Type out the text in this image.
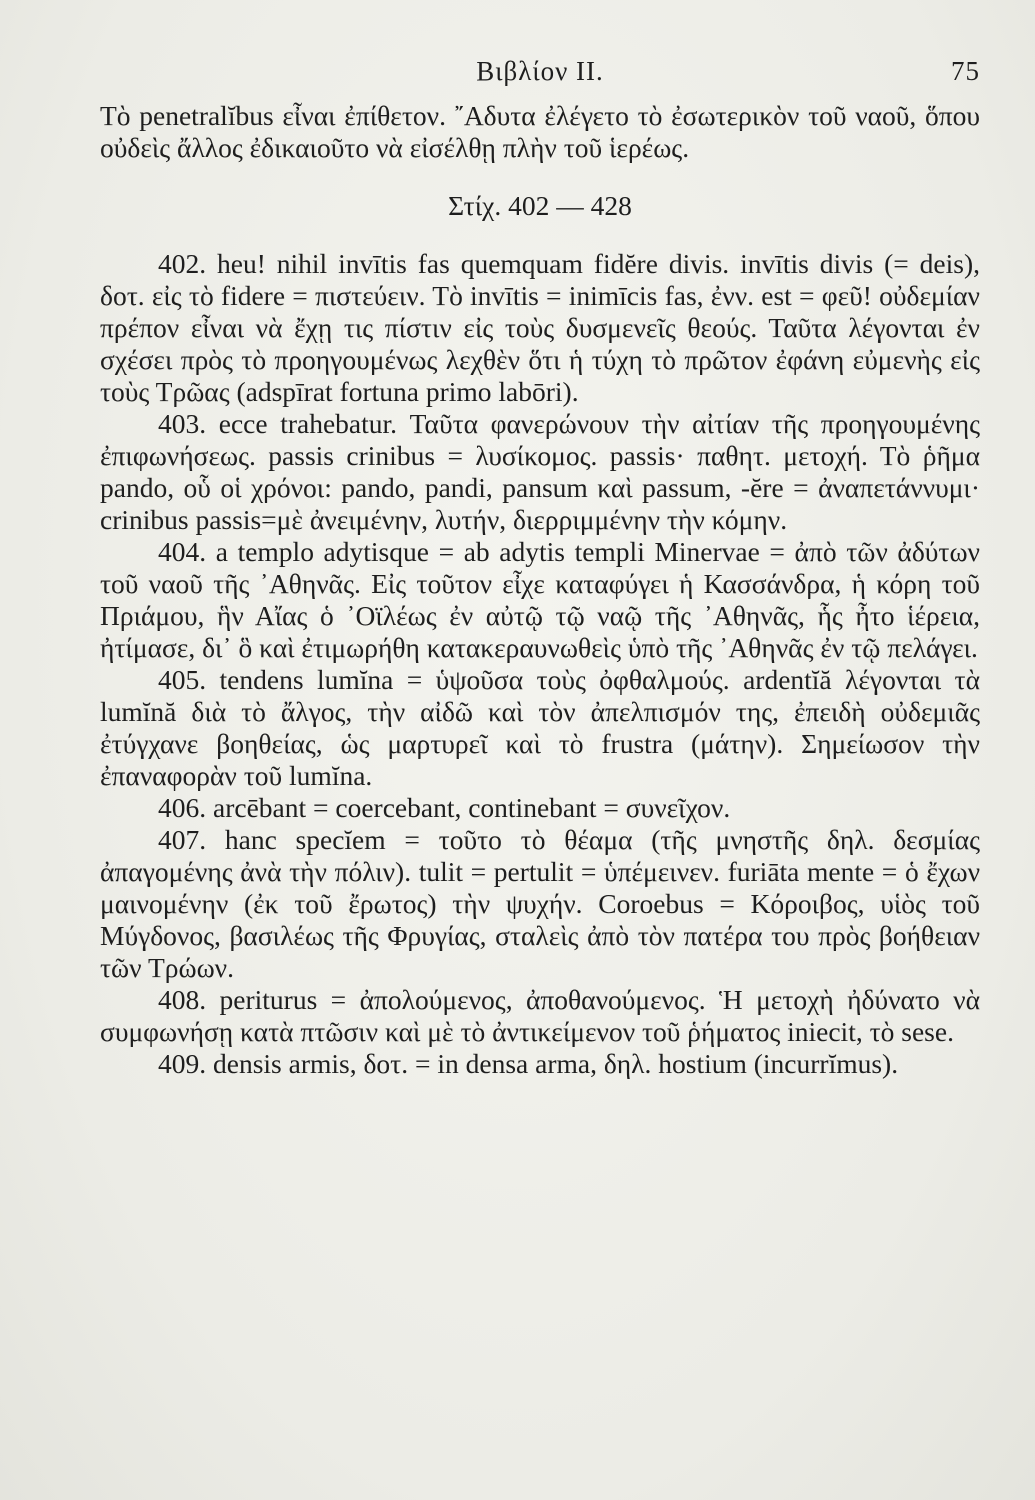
Βιβλίον II.	75

Τὸ penetralĭbus εἶναι ἐπίθετον. ῎Αδυτα ἐλέγετο τὸ ἐσωτερικὸν τοῦ ναοῦ, ὅπου οὐδεὶς ἄλλος ἐδικαιοῦτο νὰ εἰσέλθῃ πλὴν τοῦ ἱερέως.

Στίχ. 402 — 428

402. heu! nihil invītis fas quemquam fidĕre divis. invītis divis (= deis), δοτ. εἰς τὸ fidere = πιστεύειν. Τὸ invītis = inimīcis fas, ἐνν. est = φεῦ! οὐδεμίαν πρέπον εἶναι νὰ ἔχῃ τις πίστιν εἰς τοὺς δυσμενεῖς θεούς. Ταῦτα λέγονται ἐν σχέσει πρὸς τὸ προηγουμένως λεχθὲν ὅτι ἡ τύχη τὸ πρῶτον ἐφάνη εὐμενὴς εἰς τοὺς Τρῶας (adspīrat fortuna primo labōri).

403. ecce trahebatur. Ταῦτα φανερώνουν τὴν αἰτίαν τῆς προηγουμένης ἐπιφωνήσεως. passis crinibus = λυσίκομος. passis· παθητ. μετοχή. Τὸ ῥῆμα pando, οὗ οἱ χρόνοι: pando, pandi, pansum καὶ passum, -ĕre = ἀναπετάννυμι· crinibus passis=μὲ ἀνειμένην, λυτήν, διερριμμένην τὴν κόμην.

404. a templo adytisque = ab adytis templi Minervae = ἀπὸ τῶν ἀδύτων τοῦ ναοῦ τῆς ᾿Αθηνᾶς. Εἰς τοῦτον εἶχε καταφύγει ἡ Κασσάνδρα, ἡ κόρη τοῦ Πριάμου, ἣν Αἴας ὁ ᾿Οϊλέως ἐν αὐτῷ τῷ ναῷ τῆς ᾿Αθηνᾶς, ἧς ἦτο ἱέρεια, ἠτίμασε, δι᾽ ὃ καὶ ἐτιμωρήθη κατακεραυνωθεὶς ὑπὸ τῆς ᾿Αθηνᾶς ἐν τῷ πελάγει.

405. tendens lumĭna = ὑψοῦσα τοὺς ὀφθαλμούς. ardentĭă λέγονται τὰ lumĭnă διὰ τὸ ἄλγος, τὴν αἰδῶ καὶ τὸν ἀπελπισμόν της, ἐπειδὴ οὐδεμιᾶς ἐτύγχανε βοηθείας, ὡς μαρτυρεῖ καὶ τὸ frustra (μάτην). Σημείωσον τὴν ἐπαναφορὰν τοῦ lumĭna.

406. arcēbant = coercebant, continebant = συνεῖχον.

407. hanc specĭem = τοῦτο τὸ θέαμα (τῆς μνηστῆς δηλ. δεσμίας ἀπαγομένης ἀνὰ τὴν πόλιν). tulit = pertulit = ὑπέμεινεν. furiāta mente = ὁ ἔχων μαινομένην (ἐκ τοῦ ἔρωτος) τὴν ψυχήν. Coroebus = Κόροιβος, υἱὸς τοῦ Μύγδονος, βασιλέως τῆς Φρυγίας, σταλεὶς ἀπὸ τὸν πατέρα του πρὸς βοήθειαν τῶν Τρώων.

408. periturus = ἀπολούμενος, ἀποθανούμενος. Ἡ μετοχὴ ἠδύνατο νὰ συμφωνήσῃ κατὰ πτῶσιν καὶ μὲ τὸ ἀντικείμενον τοῦ ῥήματος iniecit, τὸ sese.

409. densis armis, δοτ. = in densa arma, δηλ. hostium (incurrĭmus).
